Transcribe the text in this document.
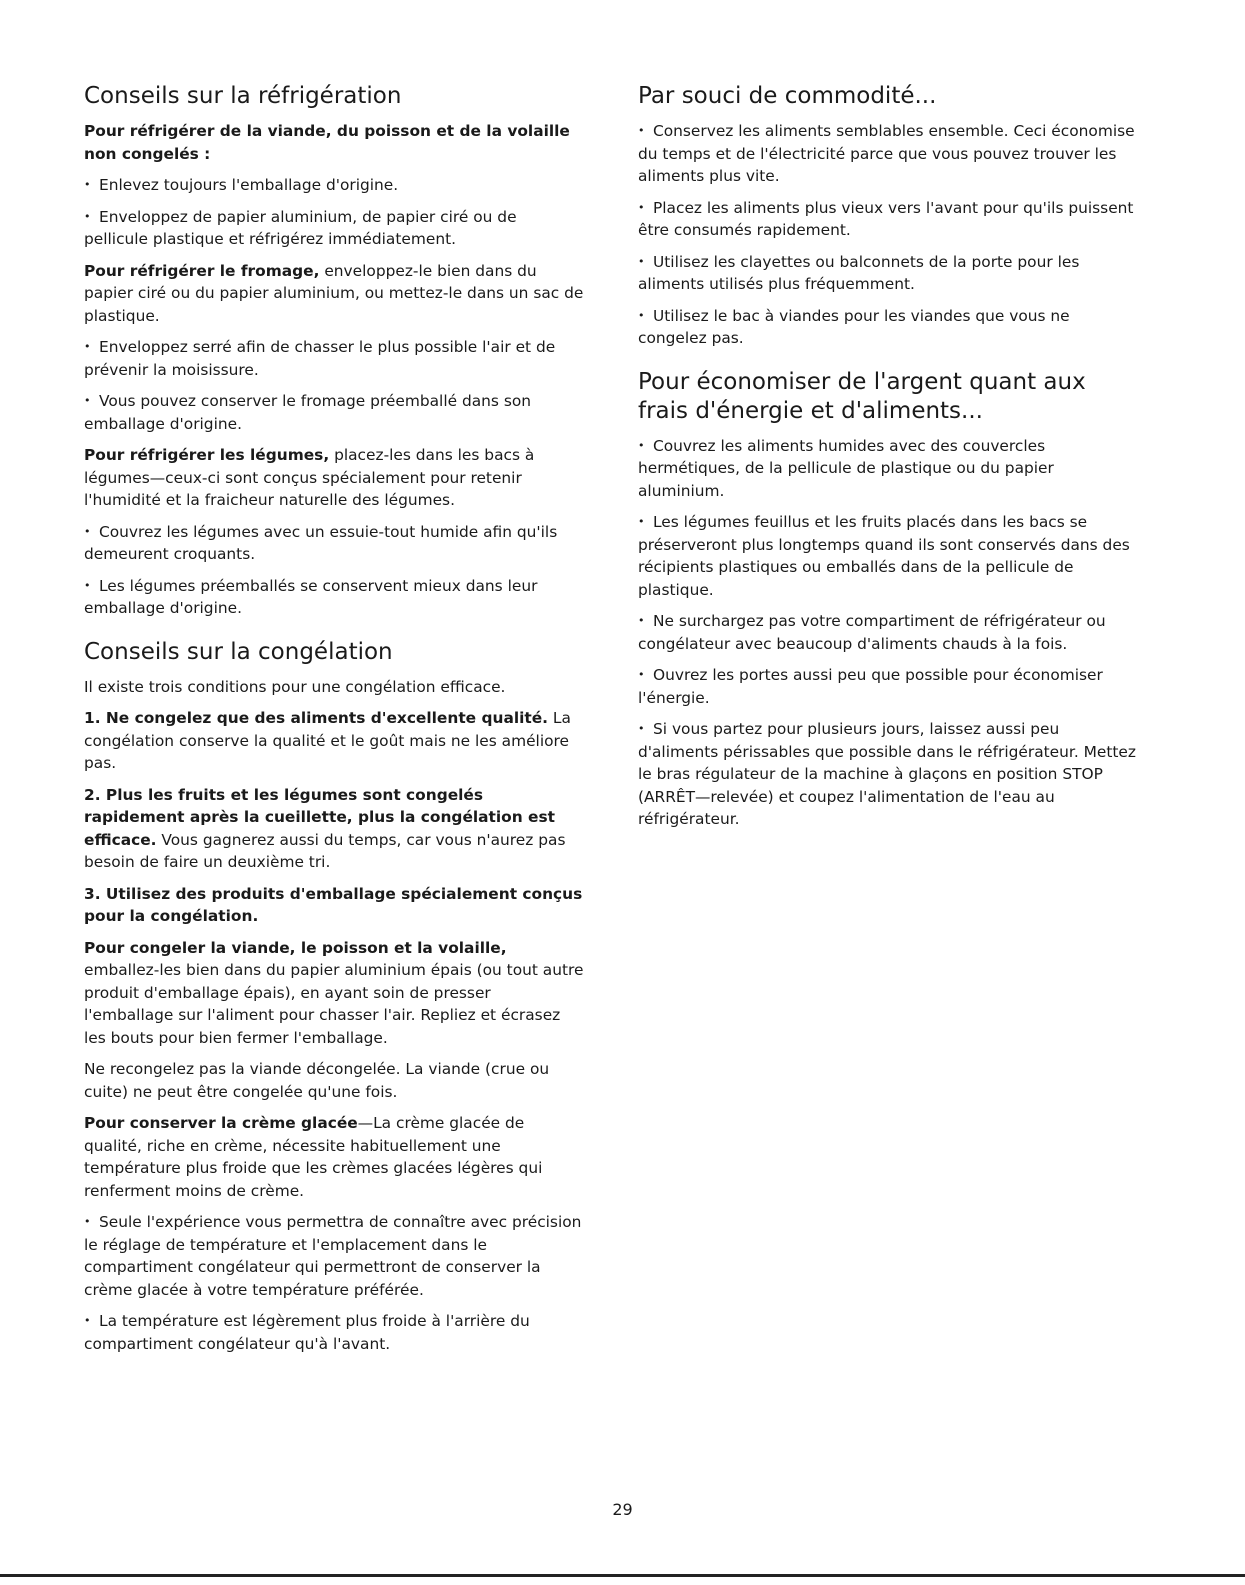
Conseils sur la réfrigération

Pour réfrigérer de la viande, du poisson et de la volaille non congelés :

• Enlevez toujours l'emballage d'origine.

• Enveloppez de papier aluminium, de papier ciré ou de pellicule plastique et réfrigérez immédiatement.

Pour réfrigérer le fromage, enveloppez-le bien dans du papier ciré ou du papier aluminium, ou mettez-le dans un sac de plastique.

• Enveloppez serré afin de chasser le plus possible l'air et de prévenir la moisissure.

• Vous pouvez conserver le fromage préemballé dans son emballage d'origine.

Pour réfrigérer les légumes, placez-les dans les bacs à légumes—ceux-ci sont conçus spécialement pour retenir l'humidité et la fraicheur naturelle des légumes.

• Couvrez les légumes avec un essuie-tout humide afin qu'ils demeurent croquants.

• Les légumes préemballés se conservent mieux dans leur emballage d'origine.

Conseils sur la congélation

Il existe trois conditions pour une congélation efficace.

1. Ne congelez que des aliments d'excellente qualité. La congélation conserve la qualité et le goût mais ne les améliore pas.

2. Plus les fruits et les légumes sont congelés rapidement après la cueillette, plus la congélation est efficace. Vous gagnerez aussi du temps, car vous n'aurez pas besoin de faire un deuxième tri.

3. Utilisez des produits d'emballage spécialement conçus pour la congélation.

Pour congeler la viande, le poisson et la volaille, emballez-les bien dans du papier aluminium épais (ou tout autre produit d'emballage épais), en ayant soin de presser l'emballage sur l'aliment pour chasser l'air. Repliez et écrasez les bouts pour bien fermer l'emballage.

Ne recongelez pas la viande décongelée. La viande (crue ou cuite) ne peut être congelée qu'une fois.

Pour conserver la crème glacée—La crème glacée de qualité, riche en crème, nécessite habituellement une température plus froide que les crèmes glacées légères qui renferment moins de crème.

• Seule l'expérience vous permettra de connaître avec précision le réglage de température et l'emplacement dans le compartiment congélateur qui permettront de conserver la crème glacée à votre température préférée.

• La température est légèrement plus froide à l'arrière du compartiment congélateur qu'à l'avant.

Par souci de commodité...

• Conservez les aliments semblables ensemble. Ceci économise du temps et de l'électricité parce que vous pouvez trouver les aliments plus vite.

• Placez les aliments plus vieux vers l'avant pour qu'ils puissent être consumés rapidement.

• Utilisez les clayettes ou balconnets de la porte pour les aliments utilisés plus fréquemment.

• Utilisez le bac à viandes pour les viandes que vous ne congelez pas.

Pour économiser de l'argent quant aux frais d'énergie et d'aliments...

• Couvrez les aliments humides avec des couvercles hermétiques, de la pellicule de plastique ou du papier aluminium.

• Les légumes feuillus et les fruits placés dans les bacs se préserveront plus longtemps quand ils sont conservés dans des récipients plastiques ou emballés dans de la pellicule de plastique.

• Ne surchargez pas votre compartiment de réfrigérateur ou congélateur avec beaucoup d'aliments chauds à la fois.

• Ouvrez les portes aussi peu que possible pour économiser l'énergie.

• Si vous partez pour plusieurs jours, laissez aussi peu d'aliments périssables que possible dans le réfrigérateur. Mettez le bras régulateur de la machine à glaçons en position STOP (ARRÊT—relevée) et coupez l'alimentation de l'eau au réfrigérateur.

29
